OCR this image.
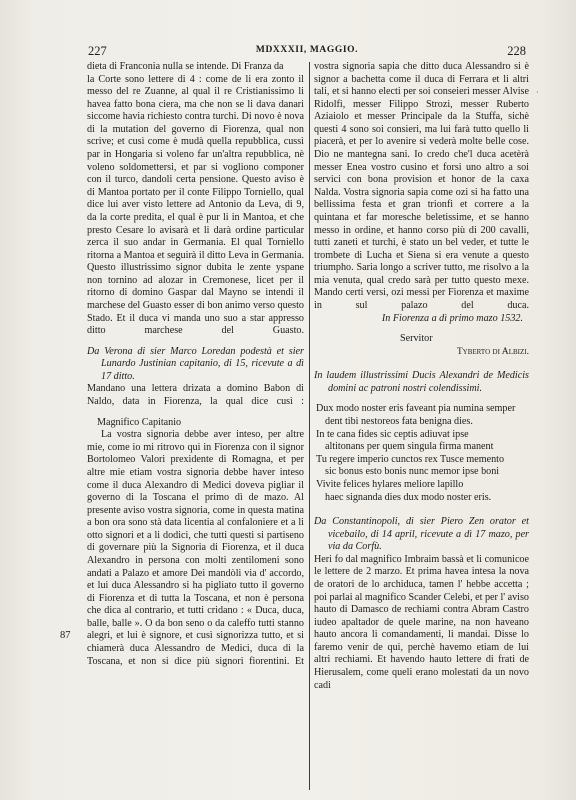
227	MDXXXII, MAGGIO.	228

dieta di Franconia nulla se intende. Di Franza da

la Corte sono lettere di 4 : come de li era zonto il messo del re Zuanne, al qual il re Cristianissimo li havea fatto bona ciera, ma che non se li dava danari siccome havia richiesto contra turchi. Di novo è nova di la mutation del governo di Fiorenza, qual non scrive; et cusì come è mudà quella repubblica, cussì par in Hongaria si voleno far un'altra repubblica, nè voleno soldomettersi, et par si vogliono componer con il turco, dandoli certa pensione. Questo aviso è di Mantoa portato per il conte Filippo Torniello, qual dice lui aver visto lettere ad Antonio da Leva, di 9, da la corte predita, el qual è pur li in Mantoa, et che presto Cesare lo avisarà et li darà ordine particular zerca il suo andar in Germania. El qual Torniello ritorna a Mantoa et seguirà il ditto Leva in Germania. Questo illustrissimo signor dubita le zente yspane non tornino ad alozar in Cremonese, licet per il ritorno di domino Gaspar dal Mayno se intendi il marchese del Guasto esser di bon animo verso questo Stado. Et il duca vi manda uno suo a star appresso ditto marchese del Guasto.

Da Verona di sier Marco Loredan podestà et sier Lunardo Justinian capitanio, di 15, ricevute a dì 17 ditto.

Mandano una lettera drizata a domino Babon di Naldo, data in Fiorenza, la qual dice cusì :

Magnifico Capitanio

La vostra signoria debbe aver inteso, per altre mie, come io mi ritrovo qui in Fiorenza con il signor Bortolomeo Valori prexidente di Romagna, et per altre mie etiam vostra signoria debbe haver inteso come il duca Alexandro di Medici doveva pigliar il governo di la Toscana el primo dì de mazo. Al presente aviso vostra signoria, come in questa matina a bon ora sono stà data licentia al confaloniere et a li otto signori et a li dodici, che tutti questi si partiseno di governare più la Signoria di Fiorenza, et il duca Alexandro in persona con molti zentilomeni sono andati a Palazo et amore Dei mandòli via d' accordo, et lui duca Alessandro si ha pigliato tutto il governo di Fiorenza et di tutta la Toscana, et non è persona che dica al contrario, et tutti cridano : « Duca, duca, balle, balle ». O da bon seno o da caleffo tutti stanno alegri, et lui è signore, et cusì signorizza tutto, et si chiamerà duca Alessandro de Medici, duca di la Toscana, et non si dice più signori fiorentini. Et

vostra signoria sapia che ditto duca Alessandro si è signor a bachetta come il duca di Ferrara et li altri tali, et si hanno electi per soi conseieri messer Alvise Ridolfi, messer Filippo Strozi, messer Ruberto Aziaiolo et messer Principale da la Stuffa, sichè questi 4 sono soi consieri, ma lui farà tutto quello li piacerà, et per lo avenire si vederà molte belle cose. Dio ne mantegna sani. Io credo che'l duca acetèrà messer Enea vostro cusino et forsi uno altro a soi servici con bona provision et honor de la caxa Nalda. Vostra signoria sapia come ozi si ha fatto una bellissima festa et gran trionfi et correre a la quintana et far moresche beletissime, et se hanno messo in ordine, et hanno corso più di 200 cavalli, tutti zaneti et turchi, è stato un bel veder, et tutte le trombete di Lucha et Siena si era venute a questo triumpho. Saria longo a scriver tutto, me risolvo a la mia venuta, qual credo sarà per tutto questo mexe. Mando certi versi, ozi messi per Fiorenza et maxime in sul palazo del duca.

In Fiorenza a dì primo mazo 1532.

Servitor

Tyberto di Albizi.

In laudem illustrissimi Ducis Alexandri de Medicis domini ac patroni nostri colendissimi.

Dux modo noster eris faveant pia numina semper

dent tibi nestoreos fata benigna dies.

In te cana fides sic ceptis adiuvat ipse

altitonans per quem singula firma manent

Tu regere imperio cunctos rex Tusce memento

sic bonus esto bonis nunc memor ipse boni

Vivite felices hylares meliore lapillo

haec signanda dies dux modo noster eris.

Da Constantinopoli, di sier Piero Zen orator et vicebailo, di 14 april, ricevute a dì 17 mazo, per via da Corfù.

Heri fo dal magnifico Imbraim bassà et li comunicoe le lettere de 2 marzo. Et prima havea intesa la nova de oratori de lo archiduca, tamen l' hebbe accetta ; poi parlai al magnifico Scander Celebi, et per l' aviso hauto di Damasco de rechiami contra Abram Castro iudeo apaltador de quele marine, na non haveano hauto ancora li comandamenti, li mandai. Disse lo faremo venir de qui, perchè havemo etiam de lui altri rechiami. Et havendo hauto lettere di frati de Hierusalem, come queli erano molestati da un novo cadi

87
·
